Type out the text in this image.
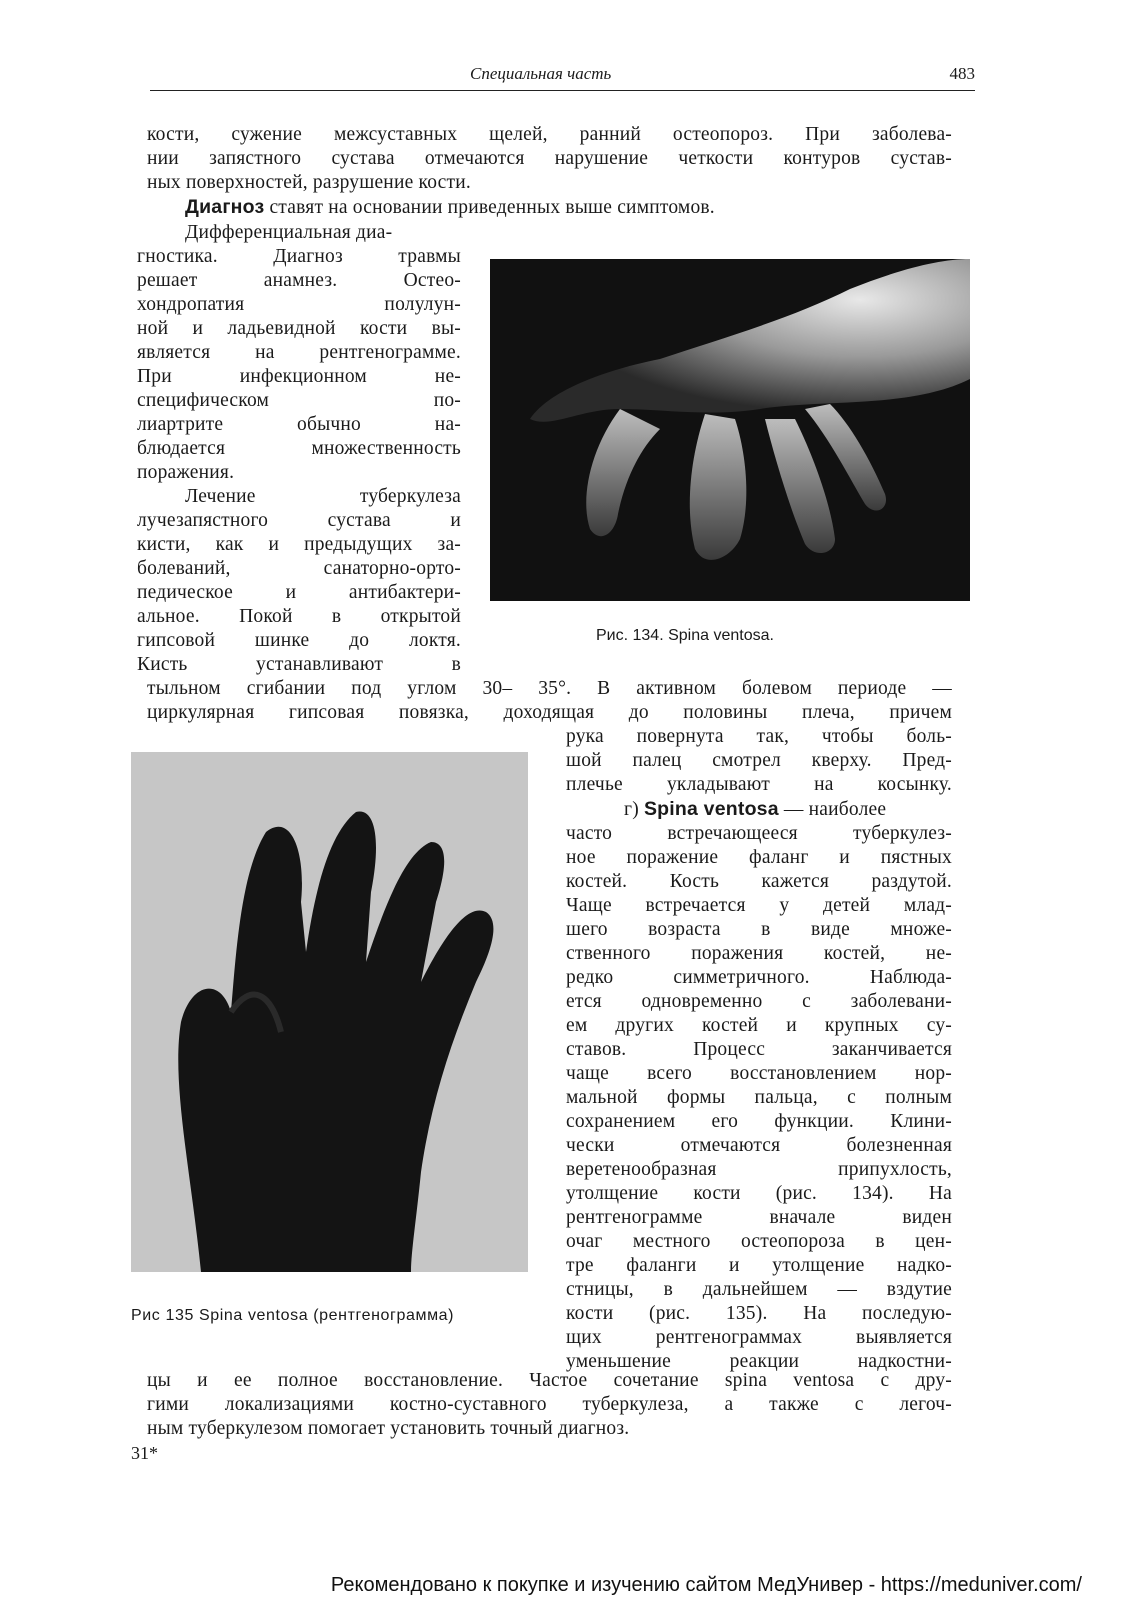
Специальная часть	483
кости, сужение межсуставных щелей, ранний остеопороз. При заболева-
нии запястного сустава отмечаются нарушение четкости контуров сустав-
ных поверхностей, разрушение кости.
Диагноз ставят на основании приведенных выше симптомов.
Дифференциальная диа-
гностика. Диагноз травмы
решает анамнез. Остео-
хондропатия полулун-
ной и ладьевидной кости вы-
является на рентгенограмме.
При инфекционном не-
специфическом по-
лиартрите обычно на-
блюдается множественность
поражения.
Лечение туберкулеза
лучезапястного сустава и
кисти, как и предыдущих за-
болеваний, санаторно-орто-
педическое и антибактери-
альное. Покой в открытой
гипсовой шинке до локтя.
Кисть устанавливают в
Рис. 134. Spina ventosa.
тыльном сгибании под углом 30– 35°. В активном болевом периоде —
циркулярная гипсовая повязка, доходящая до половины плеча, причем
Рис 135 Spina ventosa (рентгенограмма)
рука повернута так, чтобы боль-
шой палец смотрел кверху. Пред-
плечье укладывают на косынку.
г) Spina ventosa — наиболее
часто встречающееся туберкулез-
ное поражение фаланг и пястных
костей. Кость кажется раздутой.
Чаще встречается у детей млад-
шего возраста в виде множе-
ственного поражения костей, не-
редко симметричного. Наблюда-
ется одновременно с заболевани-
ем других костей и крупных су-
ставов. Процесс заканчивается
чаще всего восстановлением нор-
мальной формы пальца, с полным
сохранением его функции. Клини-
чески отмечаются болезненная
веретенообразная припухлость,
утолщение кости (рис. 134). На
рентгенограмме вначале виден
очаг местного остеопороза в цен-
тре фаланги и утолщение надко-
стницы, в дальнейшем — вздутие
кости (рис. 135). На последую-
щих рентгенограммах выявляется
уменьшение реакции надкостни-
цы и ее полное восстановление. Частое сочетание spina ventosa с дру-
гими локализациями костно-суставного туберкулеза, а также с легоч-
ным туберкулезом помогает установить точный диагноз.
31*
Рекомендовано к покупке и изучению сайтом МедУнивер - https://meduniver.com/
